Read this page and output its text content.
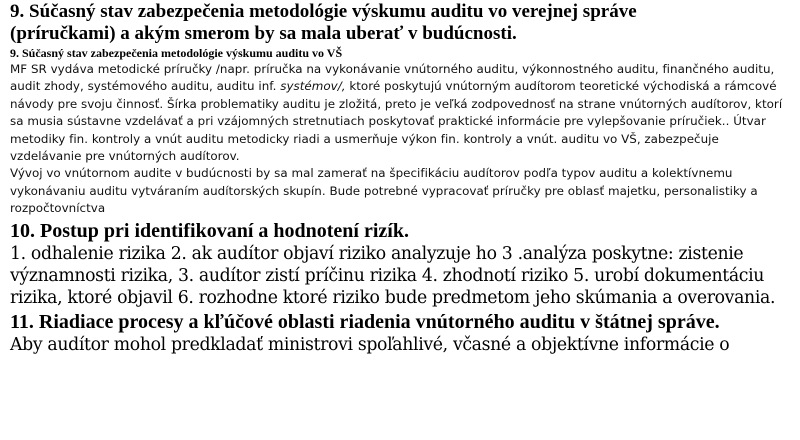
9. Súčasný stav zabezpečenia metodológie výskumu auditu vo verejnej správe
(príručkami) a akým smerom by sa mala uberať v budúcnosti.
9. Súčasný stav zabezpečenia metodológie výskumu auditu vo VŠ

MF SR vydáva metodické príručky /napr. príručka na vykonávanie vnútorného auditu, výkonnostného auditu, finančného auditu, audit zhody, systémového auditu, auditu inf. systémov/, ktoré poskytujú vnútorným audítorom teoretické východiská a rámcové návody pre svoju činnosť. Šírka problematiky auditu je zložitá, preto je veľká zodpovednosť na strane vnútorných audítorov, ktorí sa musia sústavne vzdelávať a pri vzájomných stretnutiach poskytovať praktické informácie pre vylepšovanie príručiek.. Útvar metodiky fin. kontroly a vnút auditu metodicky riadi a usmerňuje výkon fin. kontroly a vnút. auditu vo VŠ, zabezpečuje vzdelávanie pre vnútorných audítorov.

Vývoj vo vnútornom audite v budúcnosti by sa mal zamerať na špecifikáciu audítorov podľa typov auditu a kolektívnemu vykonávaniu auditu vytváraním audítorských skupín. Bude potrebné vypracovať príručky pre oblasť majetku, personalistiky a rozpočtovníctva

10. Postup pri identifikovaní a hodnotení rizík.

1. odhalenie rizika 2. ak audítor objaví riziko analyzuje ho 3 .analýza poskytne: zistenie významnosti rizika, 3. audítor zistí príčinu rizika 4. zhodnotí riziko 5. urobí dokumentáciu rizika, ktoré objavil 6. rozhodne ktoré riziko bude predmetom jeho skúmania a overovania.

11. Riadiace procesy a kľúčové oblasti riadenia vnútorného auditu v štátnej správe.

Aby audítor mohol predkladať ministrovi spoľahlivé, včasné a objektívne informácie o
